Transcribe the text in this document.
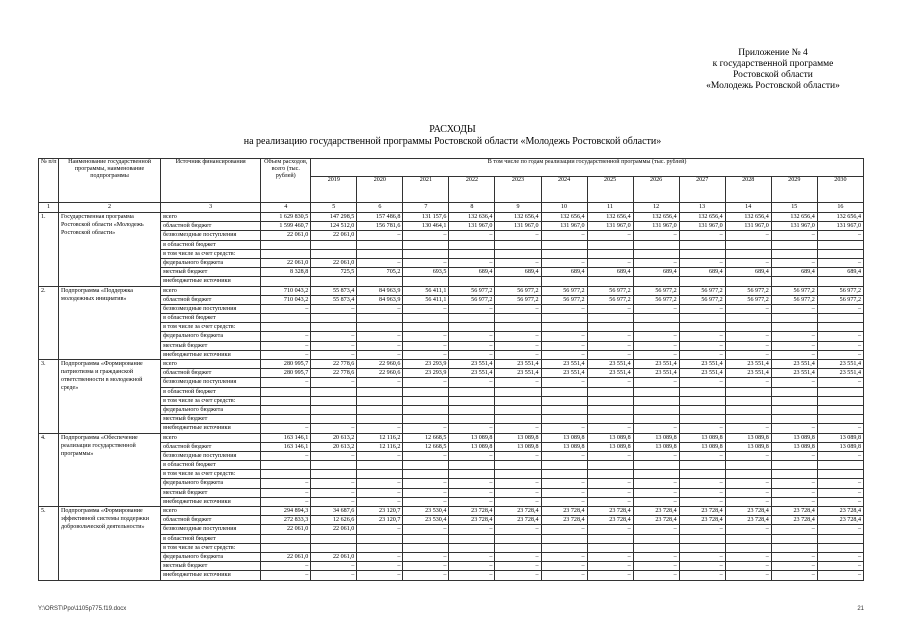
Приложение № 4
к государственной программе
Ростовской области
«Молодежь Ростовской области»
РАСХОДЫ
на реализацию государственной программы Ростовской области «Молодежь Ростовской области»
№ п/п	Наименование государственной программы, наименование подпрограммы	Источник финансирования	Объем расходов, всего (тыс. рублей)	В том числе по годам реализации государственной программы (тыс. рублей)											
				2019	2020	2021	2022	2023	2024	2025	2026	2027	2028	2029	2030
1	2	3	4	5	6	7	8	9	10	11	12	13	14	15	16
1.	Государственная программа Ростовской области «Молодежь Ростовской области»	всего	1 629 830,5	147 298,5	157 486,8	131 157,6	132 636,4	132 656,4	132 656,4	132 656,4	132 656,4	132 656,4	132 656,4	132 656,4	132 656,4
		областной бюджет	1 599 460,7	124 512,0	156 781,6	130 464,1	131 967,0	131 967,0	131 967,0	131 967,0	131 967,0	131 967,0	131 967,0	131 967,0	131 967,0
		безвозмездные поступления	22 061,0	22 061,0	–	–	–	–	–	–	–	–	–	–	–
		в областной бюджет													
		в том числе за счет средств:													
		федерального бюджета	22 061,0	22 061,0	–	–	–	–	–	–	–	–	–	–	–
		местный бюджет	8 328,8	725,5	705,2	693,5	689,4	689,4	689,4	689,4	689,4	689,4	689,4	689,4	689,4
		внебюджетные источники													
2.	Подпрограмма «Поддержка молодежных инициатив»	всего	710 043,2	55 873,4	84 963,9	56 411,1	56 977,2	56 977,2	56 977,2	56 977,2	56 977,2	56 977,2	56 977,2	56 977,2	56 977,2
		областной бюджет	710 043,2	55 873,4	84 963,9	56 411,1	56 977,2	56 977,2	56 977,2	56 977,2	56 977,2	56 977,2	56 977,2	56 977,2	56 977,2
		безвозмездные поступления	–	–	–	–	–	–	–	–	–	–	–	–	–
		в областной бюджет													
		в том числе за счет средств:													
		федерального бюджета	–	–	–	–	–	–	–	–	–	–	–	–	–
		местный бюджет	–	–	–	–	–	–	–	–	–	–	–	–	–
		внебюджетные источники	–	–	–	–	–	–	–	–	–	–	–	–	–
3.	Подпрограмма «Формирование патриотизма и гражданской ответственности в молодежной среде»	всего	280 995,7	22 778,6	22 960,6	23 293,9	23 551,4	23 551,4	23 551,4	23 551,4	23 551,4	23 551,4	23 551,4	23 551,4	23 551,4
		областной бюджет	280 995,7	22 778,6	22 960,6	23 293,9	23 551,4	23 551,4	23 551,4	23 551,4	23 551,4	23 551,4	23 551,4	23 551,4	23 551,4
		безвозмездные поступления	–	–	–	–	–	–	–	–	–	–	–	–	–
		в областной бюджет													
		в том числе за счет средств:													
		федерального бюджета													
		местный бюджет													
		внебюджетные источники	–	–	–	–	–	–	–	–	–	–	–	–	–
4.	Подпрограмма «Обеспечение реализации государственной программы»	всего	163 146,1	20 613,2	12 116,2	12 668,5	13 089,8	13 089,8	13 089,8	13 089,8	13 089,8	13 089,8	13 089,8	13 089,8	13 089,8
		областной бюджет	163 146,1	20 613,2	12 116,2	12 668,5	13 089,8	13 089,8	13 089,8	13 089,8	13 089,8	13 089,8	13 089,8	13 089,8	13 089,8
		безвозмездные поступления	–	–	–	–	–	–	–	–	–	–	–	–	–
		в областной бюджет													
		в том числе за счет средств:													
		федерального бюджета	–	–	–	–	–	–	–	–	–	–	–	–	–
		местный бюджет	–	–	–	–	–	–	–	–	–	–	–	–	–
		внебюджетные источники	–	–	–	–	–	–	–	–	–	–	–	–	–
5.	Подпрограмма «Формирование эффективной системы поддержки добровольческой деятельности»	всего	294 894,3	34 687,6	23 120,7	23 530,4	23 728,4	23 728,4	23 728,4	23 728,4	23 728,4	23 728,4	23 728,4	23 728,4	23 728,4
		областной бюджет	272 833,3	12 626,6	23 120,7	23 530,4	23 728,4	23 728,4	23 728,4	23 728,4	23 728,4	23 728,4	23 728,4	23 728,4	23 728,4
		безвозмездные поступления	22 061,0	22 061,0	–	–	–	–	–	–	–	–	–	–	–
		в областной бюджет													
		в том числе за счет средств:													
		федерального бюджета	22 061,0	22 061,0	–	–	–	–	–	–	–	–	–	–	–
		местный бюджет	–	–	–	–	–	–	–	–	–	–	–	–	–
		внебюджетные источники	–	–	–	–	–	–	–	–	–	–	–	–	–
Y:\ORST\Ppo\1105p775.f19.docx	21
